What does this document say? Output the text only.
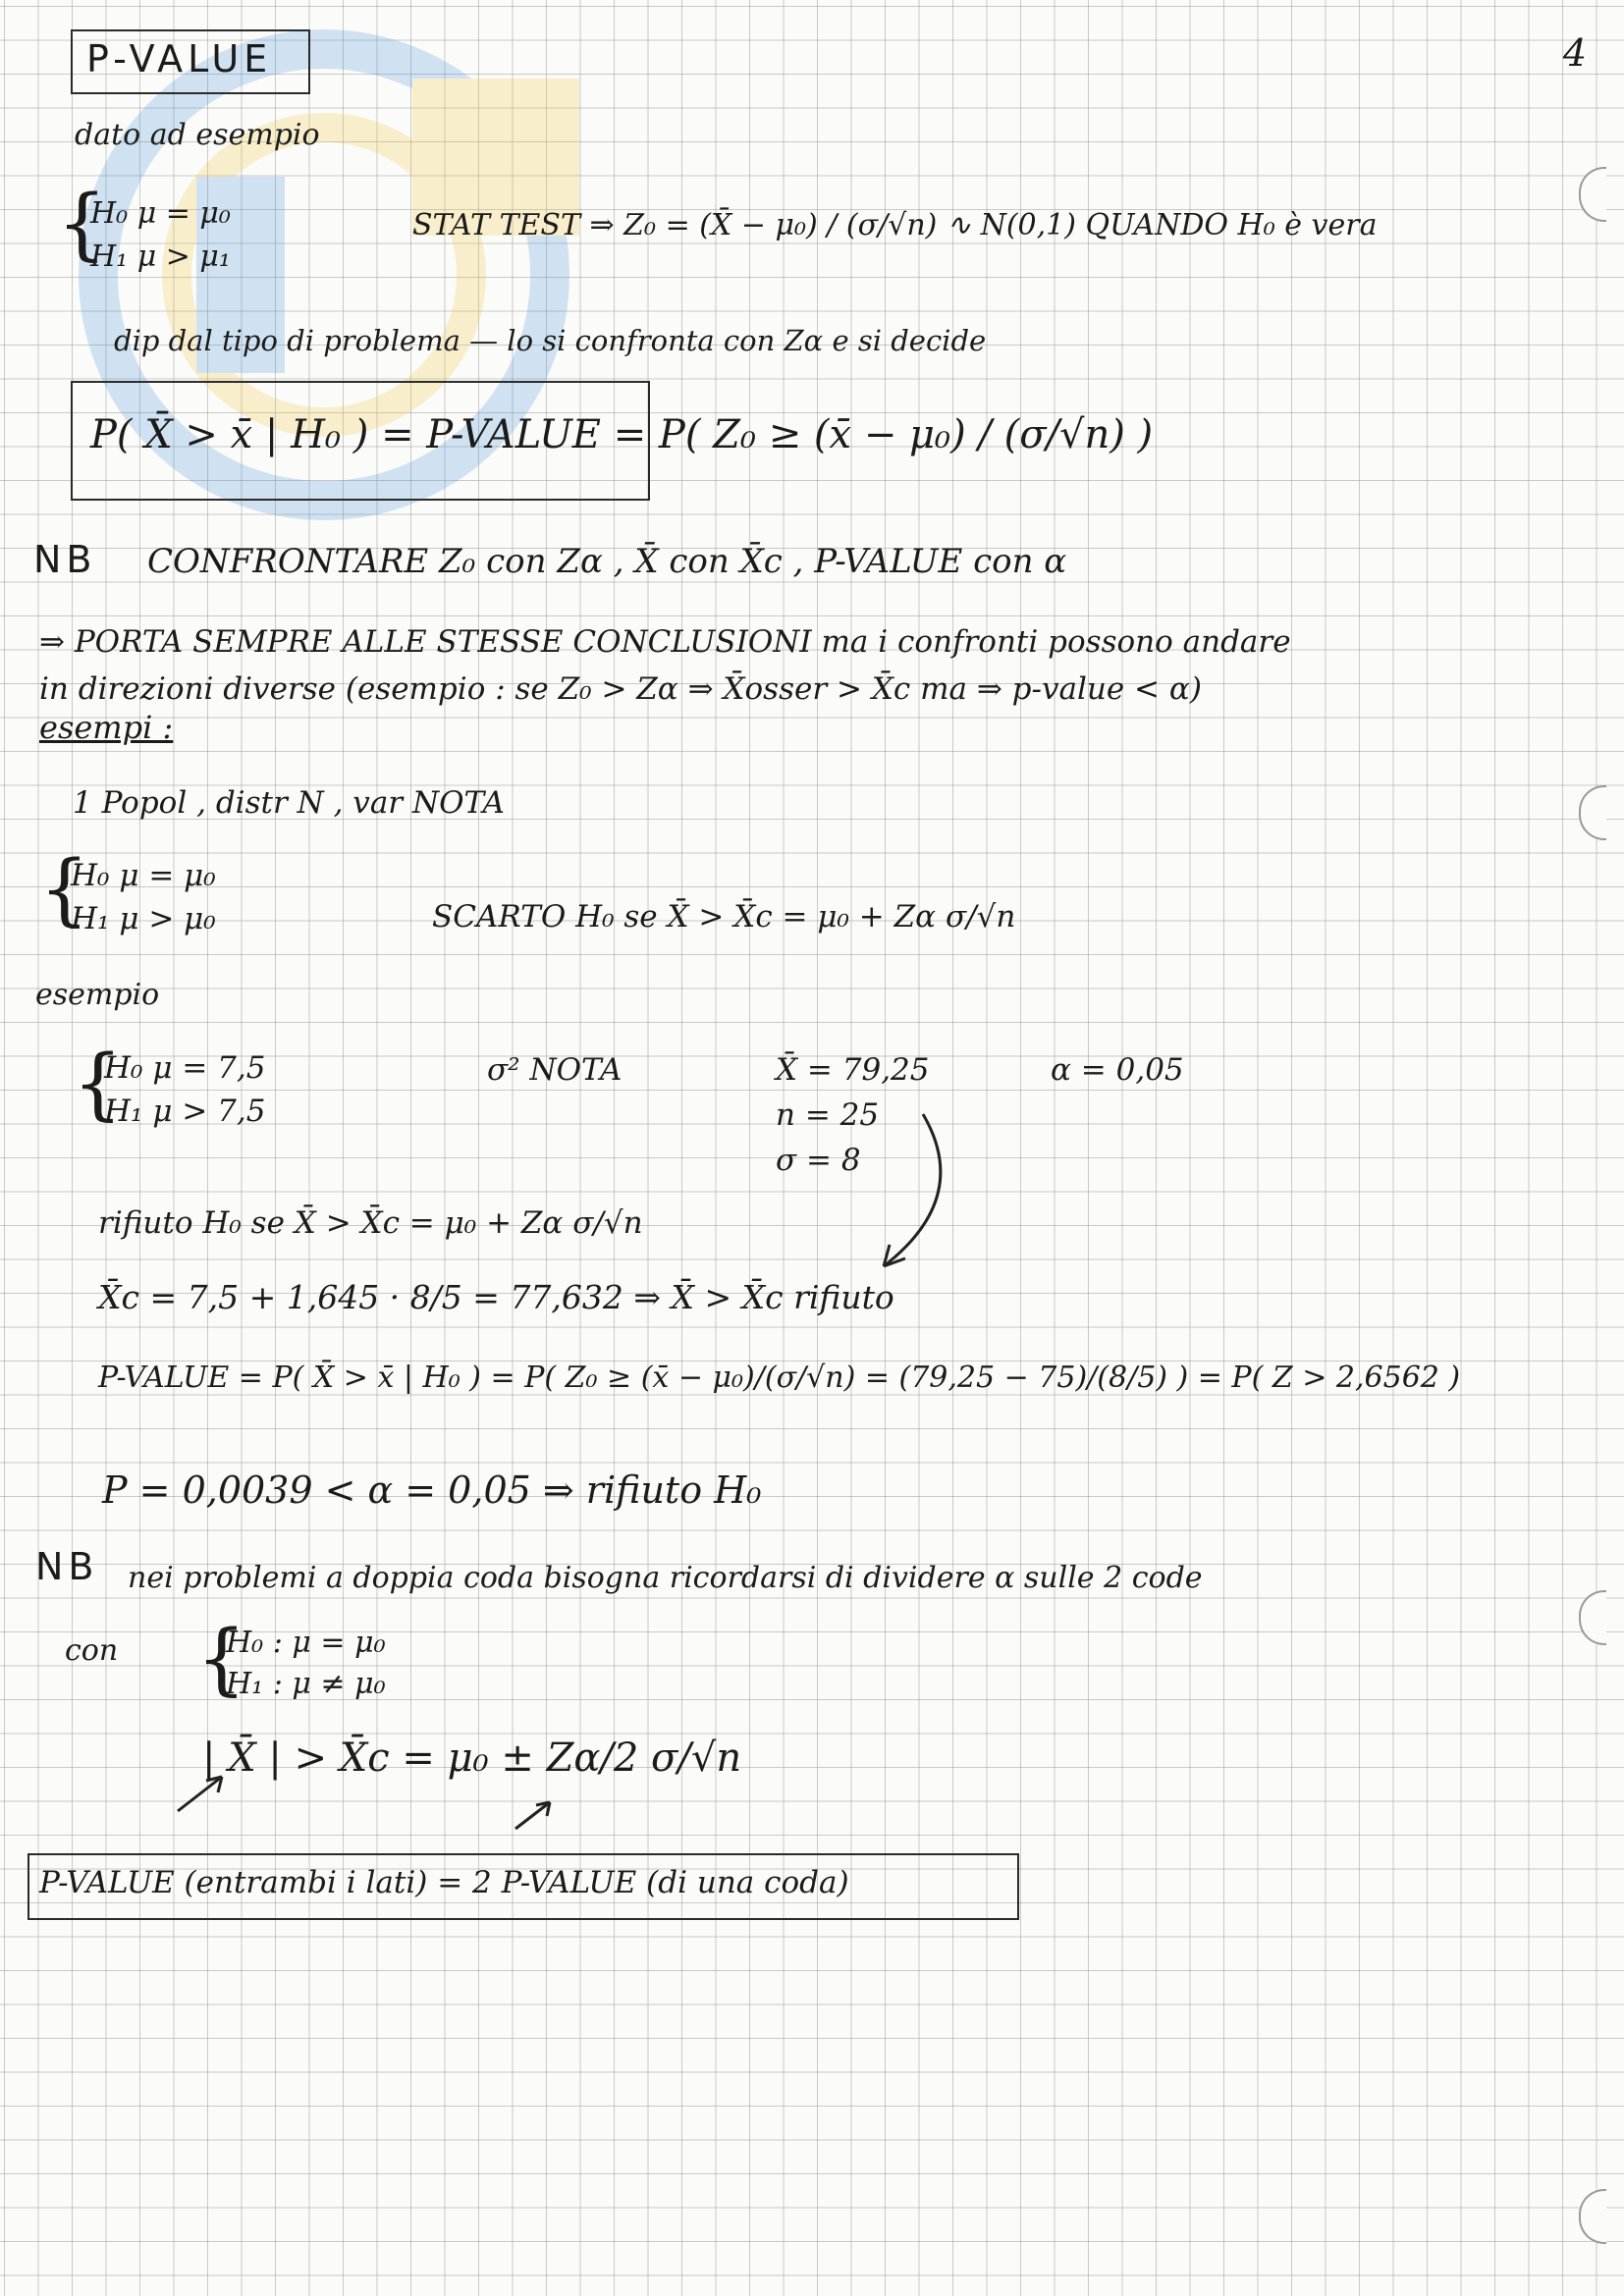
4
P-VALUE
dato ad esempio
{
H₀ μ = μ₀
H₁ μ > μ₁
STAT TEST ⇒ Z₀ = (X̄ − μ₀) / (σ/√n) ∿ N(0,1) QUANDO H₀ è vera
dip dal tipo di problema — lo si confronta con Zα e si decide
P( X̄ > x̄ | H₀ ) = P-VALUE = P( Z₀ ≥ (x̄ − μ₀) / (σ/√n) )
NB CONFRONTARE Z₀ con Zα , X̄ con X̄c , P-VALUE con α
⇒ PORTA SEMPRE ALLE STESSE CONCLUSIONI ma i confronti possono andare
in direzioni diverse (esempio : se Z₀ > Zα ⇒ X̄osser > X̄c ma ⇒ p-value < α)
esempi :
1 Popol , distr N , var NOTA
{
H₀ μ = μ₀
H₁ μ > μ₀	SCARTO H₀ se X̄ > X̄c = μ₀ + Zα σ/√n
esempio
{
H₀ μ = 7,5
H₁ μ > 7,5
σ² NOTA	X̄ = 79,25
n = 25
σ = 8
α = 0,05
rifiuto H₀ se X̄ > X̄c = μ₀ + Zα σ/√n
X̄c = 7,5 + 1,645 · 8/5 = 77,632 ⇒ X̄ > X̄c rifiuto
P-VALUE = P( X̄ > x̄ | H₀ ) = P( Z₀ ≥ (x̄ − μ₀)/(σ/√n) = (79,25 − 75)/(8/5) ) = P( Z > 2,6562 )
P = 0,0039 < α = 0,05 ⇒ rifiuto H₀
NB nei problemi a doppia coda bisogna ricordarsi di dividere α sulle 2 code
con {
H₀ : μ = μ₀
H₁ : μ ≠ μ₀
| X̄ | > X̄c = μ₀ ± Zα/2 σ/√n
P-VALUE (entrambi i lati) = 2 P-VALUE (di una coda)
